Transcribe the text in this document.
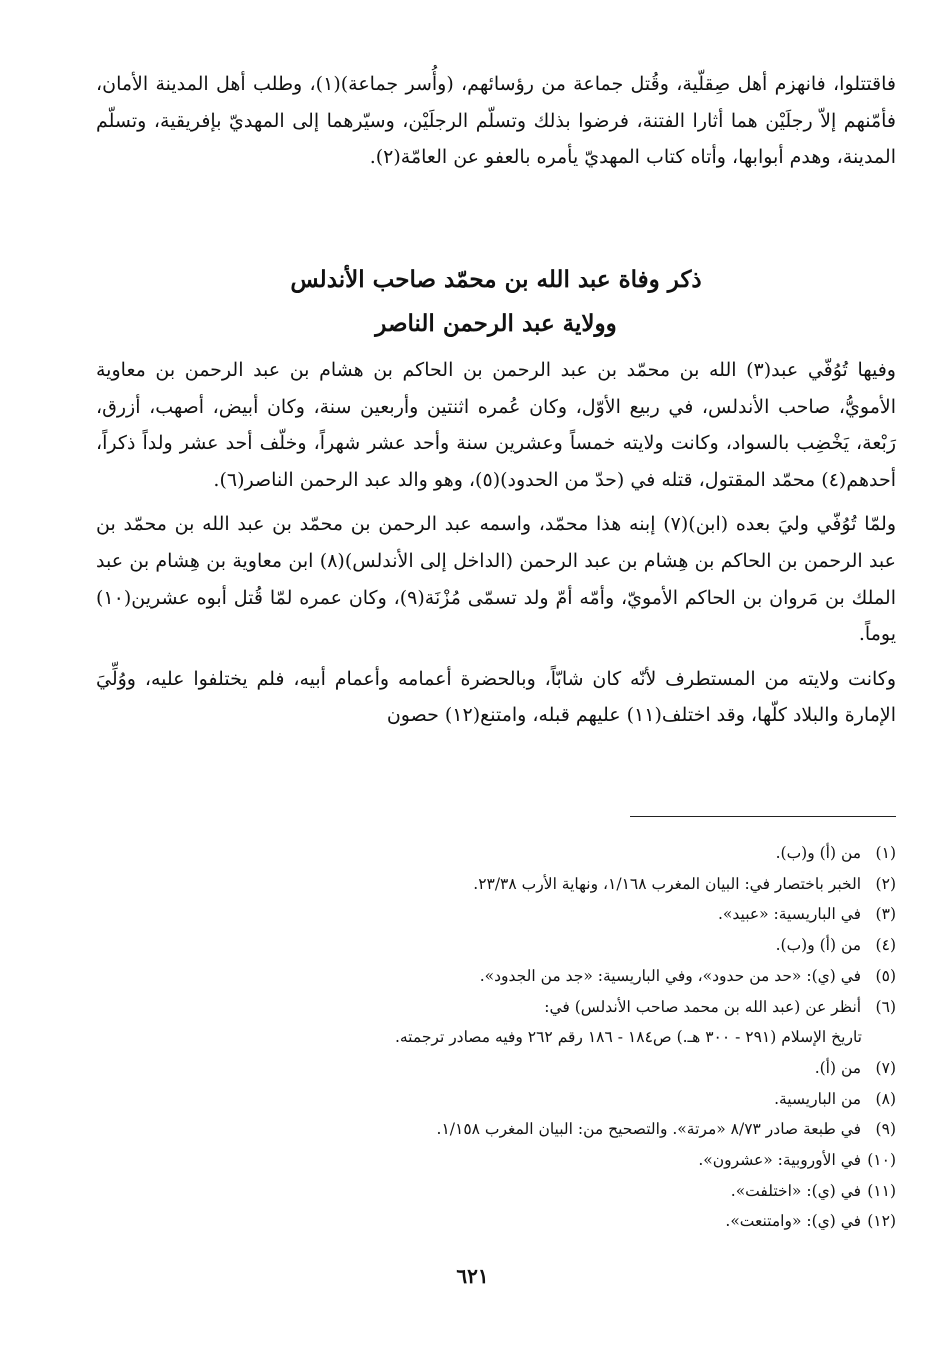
فاقتتلوا، فانهزم أهل صِقلّية، وقُتل جماعة من رؤسائهم، (وأُسر جماعة)(١)، وطلب أهل المدينة الأمان، فأمّنهم إلاّ رجلَيْن هما أثارا الفتنة، فرضوا بذلك وتسلّم الرجلَيْن، وسيّرهما إلى المهديّ بإفريقية، وتسلّم المدينة، وهدم أبوابها، وأتاه كتاب المهديّ يأمره بالعفو عن العامّة(٢).

ذكر وفاة عبد الله بن محمّد صاحب الأندلس
وولاية عبد الرحمن الناصر

وفيها تُوُفّي عبد(٣) الله بن محمّد بن عبد الرحمن بن الحاكم بن هشام بن عبد الرحمن بن معاوية الأمويُّ، صاحب الأندلس، في ربيع الأوّل، وكان عُمره اثنتين وأربعين سنة، وكان أبيض، أصهب، أزرق، رَبْعة، يَخْضِب بالسواد، وكانت ولايته خمساً وعشرين سنة وأحد عشر شهراً، وخلّف أحد عشر ولداً ذكراً، أحدهم(٤) محمّد المقتول، قتله في (حدّ من الحدود)(٥)، وهو والد عبد الرحمن الناصر(٦).

ولمّا تُوُفّي وليَ بعده (ابن)(٧) إبنه هذا محمّد، واسمه عبد الرحمن بن محمّد بن عبد الله بن محمّد بن عبد الرحمن بن الحاكم بن هِشام بن عبد الرحمن (الداخل إلى الأندلس)(٨) ابن معاوية بن هِشام بن عبد الملك بن مَروان بن الحاكم الأمويّ، وأمّه أمّ ولد تسمّى مُزْنَة(٩)، وكان عمره لمّا قُتل أبوه عشرين(١٠) يوماً.

وكانت ولايته من المستطرف لأنّه كان شابّاً، وبالحضرة أعمامه وأعمام أبيه، فلم يختلفوا عليه، ووُلِّيَ الإمارة والبلاد كلّها، وقد اختلف(١١) عليهم قبله، وامتنع(١٢) حصون

(١) من (أ) و(ب).
(٢) الخبر باختصار في: البيان المغرب ١/١٦٨، ونهاية الأرب ٢٣/٣٨.
(٣) في الباريسية: «عبيد».
(٤) من (أ) و(ب).
(٥) في (ي): «حد من حدود»، وفي الباريسية: «جد من الجدود».
(٦) أنظر عن (عبد الله بن محمد صاحب الأندلس) في:
تاريخ الإسلام (٢٩١ - ٣٠٠ هـ.) ص١٨٤ - ١٨٦ رقم ٢٦٢ وفيه مصادر ترجمته.
(٧) من (أ).
(٨) من الباريسية.
(٩) في طبعة صادر ٨/٧٣ «مرتة». والتصحيح من: البيان المغرب ١/١٥٨.
(١٠) في الأوروبية: «عشرون».
(١١) في (ي): «اختلفت».
(١٢) في (ي): «وامتنعت».
٦٢١
